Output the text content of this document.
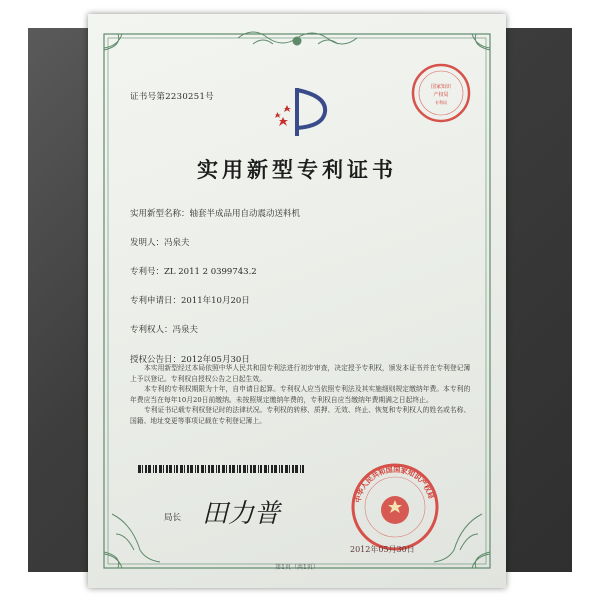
证书号第2230251号
国家知识
产权局
专利局
实用新型专利证书
实用新型名称：轴套半成品用自动震动送料机
发明人：冯泉夫
专利号：ZL 2011 2 0399743.2
专利申请日：2011年10月20日
专利权人：冯泉夫
授权公告日：2012年05月30日

本实用新型经过本局依照中华人民共和国专利法进行初步审查，决定授予专利权，颁发本证书并在专利登记簿上予以登记。专利权自授权公告之日起生效。

本专利的专利权期限为十年，自申请日起算。专利权人应当依照专利法及其实施细则规定缴纳年费。本专利的年费应当在每年10月20日前缴纳。未按照规定缴纳年费的，专利权自应当缴纳年费期满之日起终止。

专利证书记载专利权登记时的法律状况。专利权的转移、质押、无效、终止、恢复和专利权人的姓名或名称、国籍、地址变更等事项记载在专利登记簿上。

局长 田力普	中华人民共和国国家知识产权局
2012年05月30日
第1页（共1页）
